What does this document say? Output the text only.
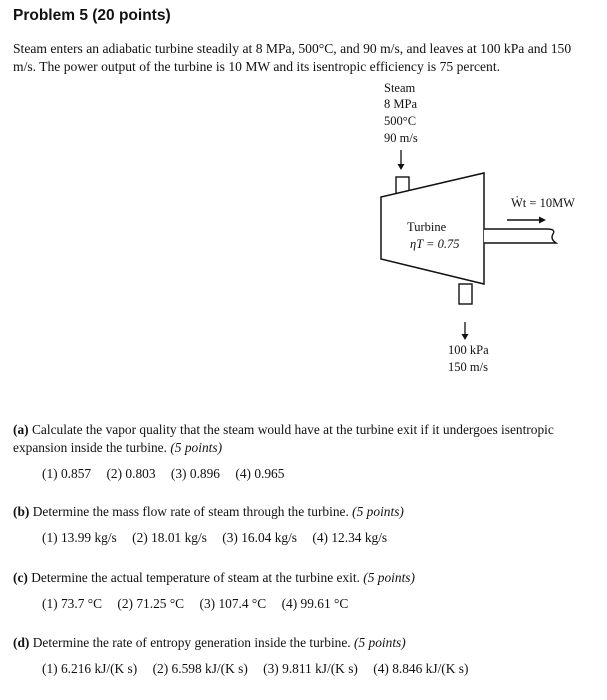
Problem 5 (20 points)
Steam enters an adiabatic turbine steadily at 8 MPa, 500°C, and 90 m/s, and leaves at 100 kPa and 150 m/s. The power output of the turbine is 10 MW and its isentropic efficiency is 75 percent.
Steam
8 MPa
500°C
90 m/s
Ẇt = 10MW
Turbine
ηT = 0.75
100 kPa
150 m/s
(a) Calculate the vapor quality that the steam would have at the turbine exit if it undergoes isentropic expansion inside the turbine. (5 points)
(1) 0.857 (2) 0.803 (3) 0.896 (4) 0.965
(b) Determine the mass flow rate of steam through the turbine. (5 points)
(1) 13.99 kg/s (2) 18.01 kg/s (3) 16.04 kg/s (4) 12.34 kg/s
(c) Determine the actual temperature of steam at the turbine exit. (5 points)
(1) 73.7 °C (2) 71.25 °C (3) 107.4 °C (4) 99.61 °C
(d) Determine the rate of entropy generation inside the turbine. (5 points)
(1) 6.216 kJ/(K s) (2) 6.598 kJ/(K s) (3) 9.811 kJ/(K s) (4) 8.846 kJ/(K s)
